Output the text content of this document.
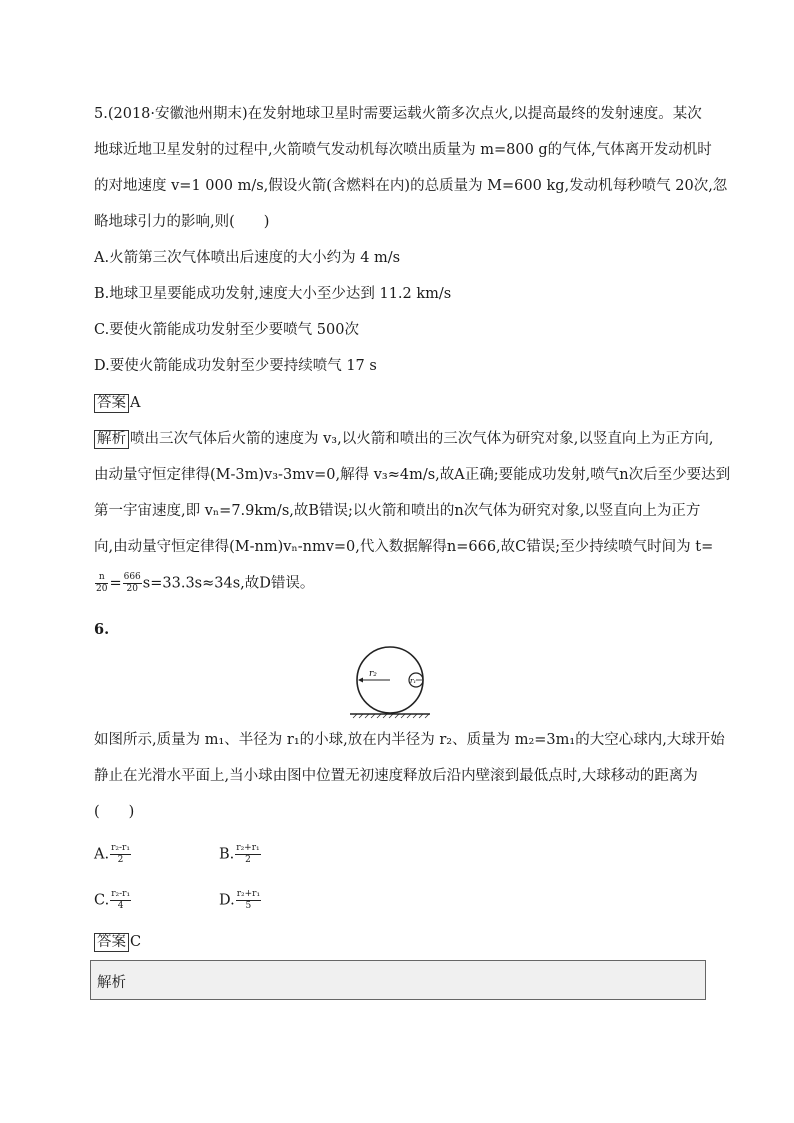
5.(2018·安徽池州期末)在发射地球卫星时需要运载火箭多次点火,以提高最终的发射速度。某次
地球近地卫星发射的过程中,火箭喷气发动机每次喷出质量为 m=800 g的气体,气体离开发动机时
的对地速度 v=1 000 m/s,假设火箭(含燃料在内)的总质量为 M=600 kg,发动机每秒喷气 20次,忽
略地球引力的影响,则(　　)
A.火箭第三次气体喷出后速度的大小约为 4 m/s
B.地球卫星要能成功发射,速度大小至少达到 11.2 km/s
C.要使火箭能成功发射至少要喷气 500次
D.要使火箭能成功发射至少要持续喷气 17 s
答案 A
解析 喷出三次气体后火箭的速度为 v₃,以火箭和喷出的三次气体为研究对象,以竖直向上为正方向,
由动量守恒定律得(M-3m)v₃-3mv=0,解得 v₃≈4m/s,故A正确;要能成功发射,喷气n次后至少要达到
第一宇宙速度,即 vₙ=7.9km/s,故B错误;以火箭和喷出的n次气体为研究对象,以竖直向上为正方
向,由动量守恒定律得(M-nm)vₙ-nmv=0,代入数据解得n=666,故C错误;至少持续喷气时间为 t=
$\frac{n}{20} = \frac{666}{20} s=33.3s\approx 34s$,故D错误。
6.
r₂
r₁
如图所示,质量为 m₁、半径为 r₁的小球,放在内半径为 r₂、质量为 m₂=3m₁的大空心球内,大球开始
静止在光滑水平面上,当小球由图中位置无初速度释放后沿内壁滚到最低点时,大球移动的距离为
(　　)
A. $\frac{\text{r₂-r₁}}{2}$	B. $\frac{\text{r₂+r₁}}{2}$
C. $\frac{\text{r₂-r₁}}{4}$	D. $\frac{\text{r₂+r₁}}{5}$
答案 C
解析
